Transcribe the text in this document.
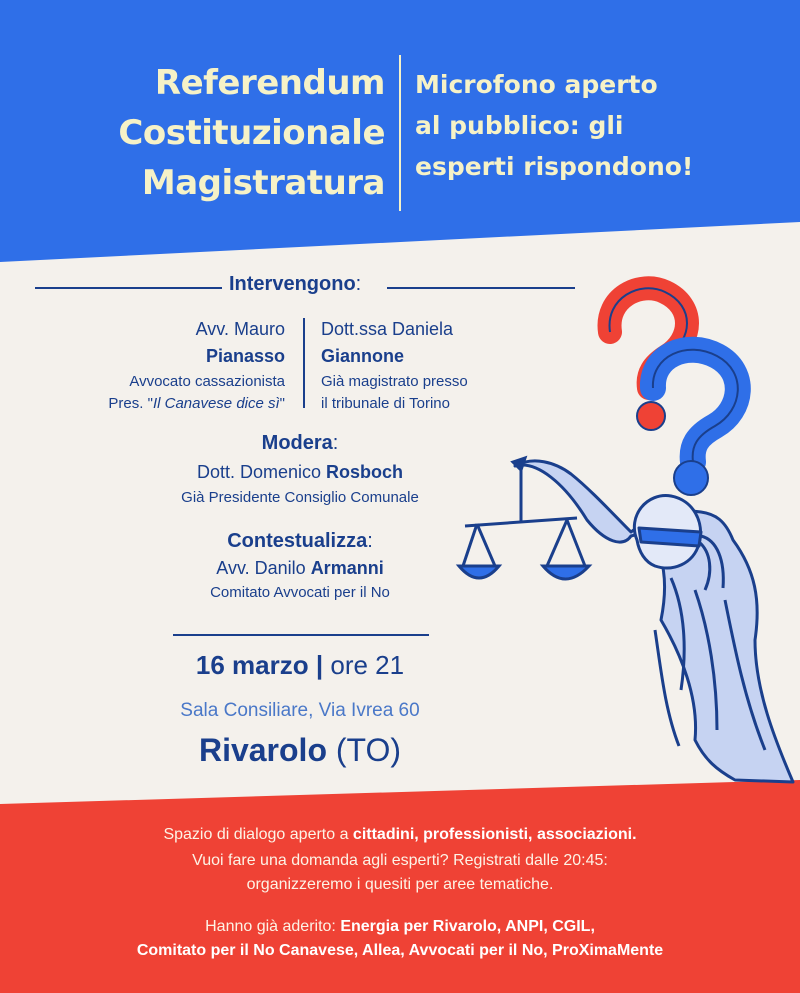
Referendum
Costituzionale
Magistratura
Microfono aperto
al pubblico: gli
esperti rispondono!
Intervengono:
Avv. Mauro
Pianasso
Avvocato cassazionista
Pres. "Il Canavese dice sì"
Dott.ssa Daniela
Giannone
Già magistrato presso
il tribunale di Torino
Modera:
Dott. Domenico Rosboch
Già Presidente Consiglio Comunale
Contestualizza:
Avv. Danilo Armanni
Comitato Avvocati per il No
16 marzo | ore 21
Sala Consiliare, Via Ivrea 60
Rivarolo (TO)
Spazio di dialogo aperto a cittadini, professionisti, associazioni.
Vuoi fare una domanda agli esperti? Registrati dalle 20:45:
organizzeremo i quesiti per aree tematiche.
Hanno già aderito: Energia per Rivarolo, ANPI, CGIL,
Comitato per il No Canavese, Allea, Avvocati per il No, ProXimaMente
